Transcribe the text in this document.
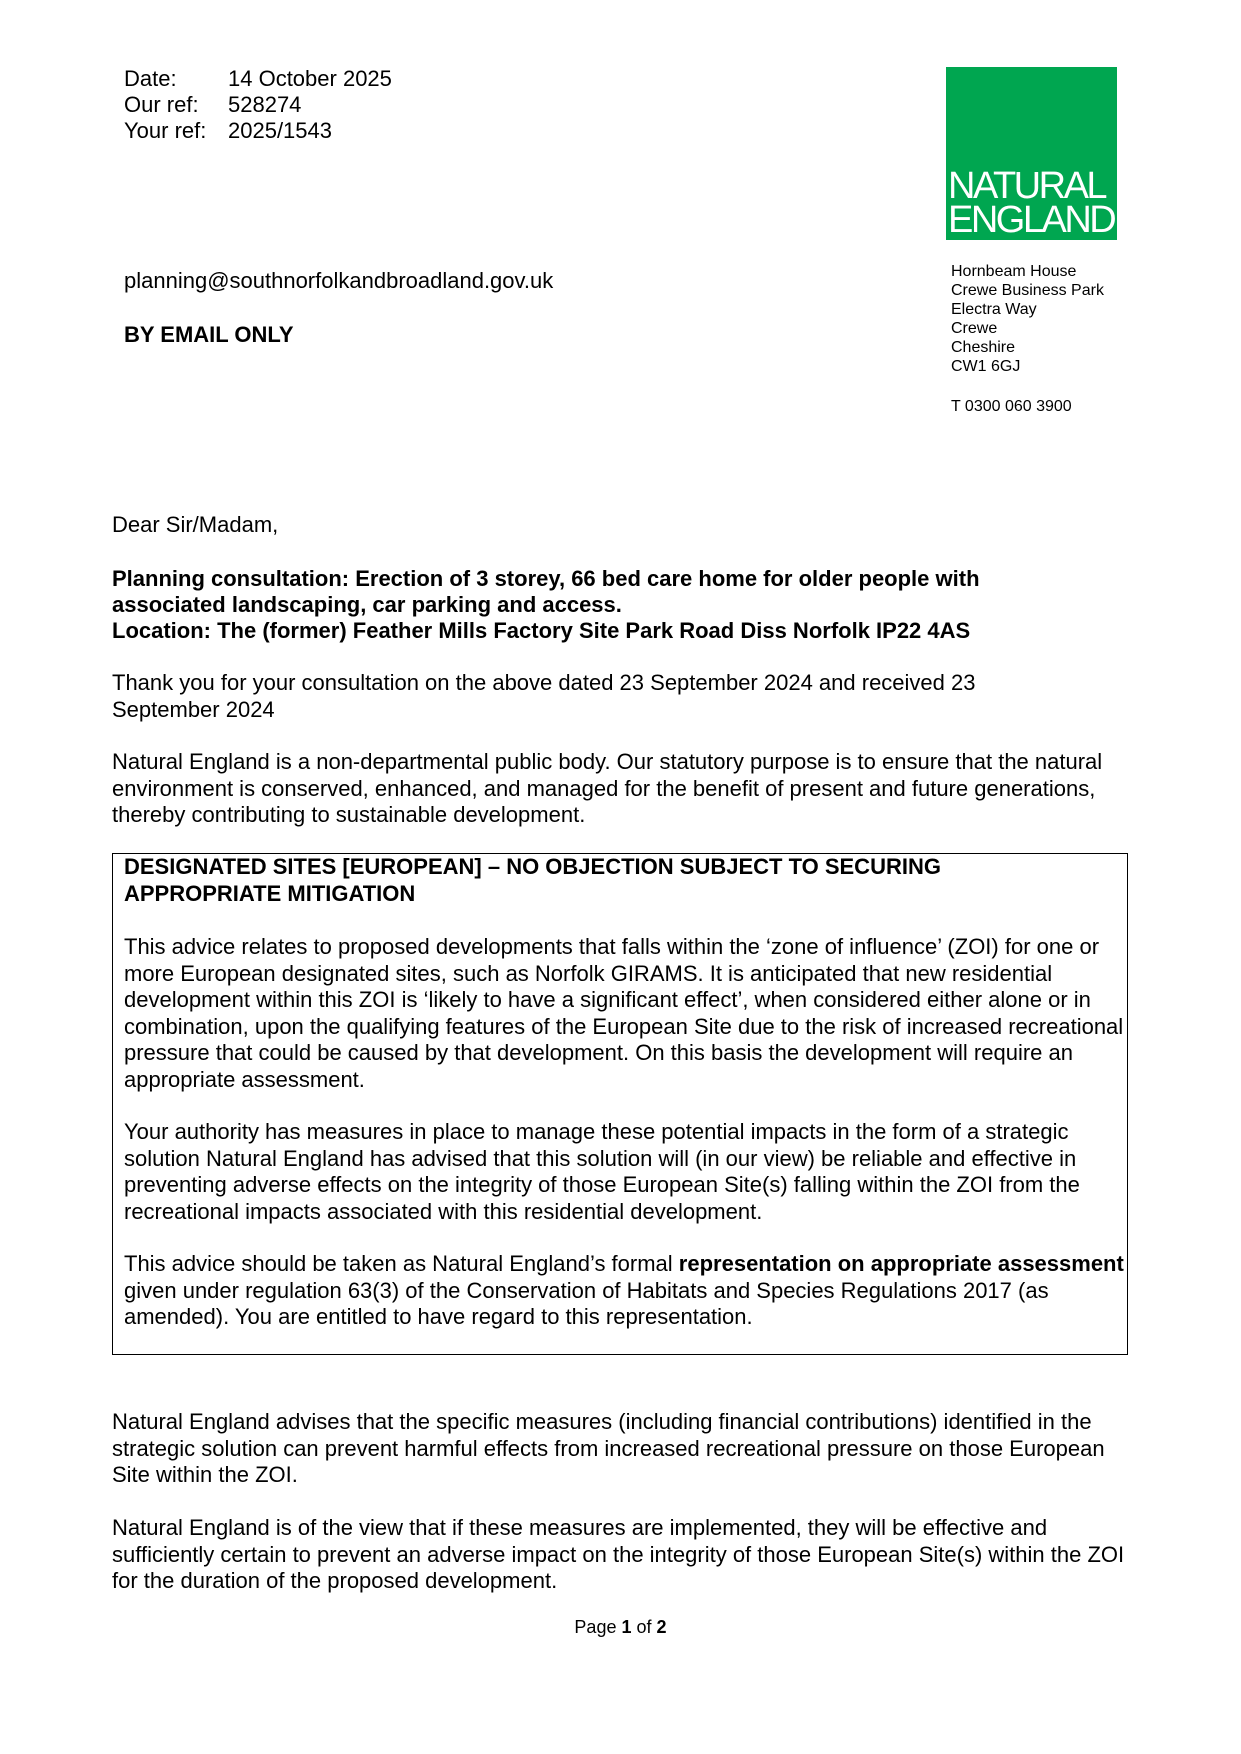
Date:	14 October 2025
Our ref:	528274
Your ref: 2025/1543
NATURAL
ENGLAND
planning@southnorfolkandbroadland.gov.uk
BY EMAIL ONLY
Hornbeam House
Crewe Business Park
Electra Way
Crewe
Cheshire
CW1 6GJ
T 0300 060 3900
Dear Sir/Madam,
Planning consultation: Erection of 3 storey, 66 bed care home for older people with associated landscaping, car parking and access.
Location: The (former) Feather Mills Factory Site Park Road Diss Norfolk IP22 4AS
Thank you for your consultation on the above dated 23 September 2024 and received 23 September 2024
Natural England is a non-departmental public body. Our statutory purpose is to ensure that the natural environment is conserved, enhanced, and managed for the benefit of present and future generations, thereby contributing to sustainable development.
DESIGNATED SITES [EUROPEAN] – NO OBJECTION SUBJECT TO SECURING APPROPRIATE MITIGATION
This advice relates to proposed developments that falls within the ‘zone of influence’ (ZOI) for one or more European designated sites, such as Norfolk GIRAMS. It is anticipated that new residential development within this ZOI is ‘likely to have a significant effect’, when considered either alone or in combination, upon the qualifying features of the European Site due to the risk of increased recreational pressure that could be caused by that development. On this basis the development will require an appropriate assessment.
Your authority has measures in place to manage these potential impacts in the form of a strategic solution Natural England has advised that this solution will (in our view) be reliable and effective in preventing adverse effects on the integrity of those European Site(s) falling within the ZOI from the recreational impacts associated with this residential development.
This advice should be taken as Natural England’s formal representation on appropriate assessment given under regulation 63(3) of the Conservation of Habitats and Species Regulations 2017 (as amended). You are entitled to have regard to this representation.
Natural England advises that the specific measures (including financial contributions) identified in the strategic solution can prevent harmful effects from increased recreational pressure on those European Site within the ZOI.
Natural England is of the view that if these measures are implemented, they will be effective and sufficiently certain to prevent an adverse impact on the integrity of those European Site(s) within the ZOI for the duration of the proposed development.
Page 1 of 2
